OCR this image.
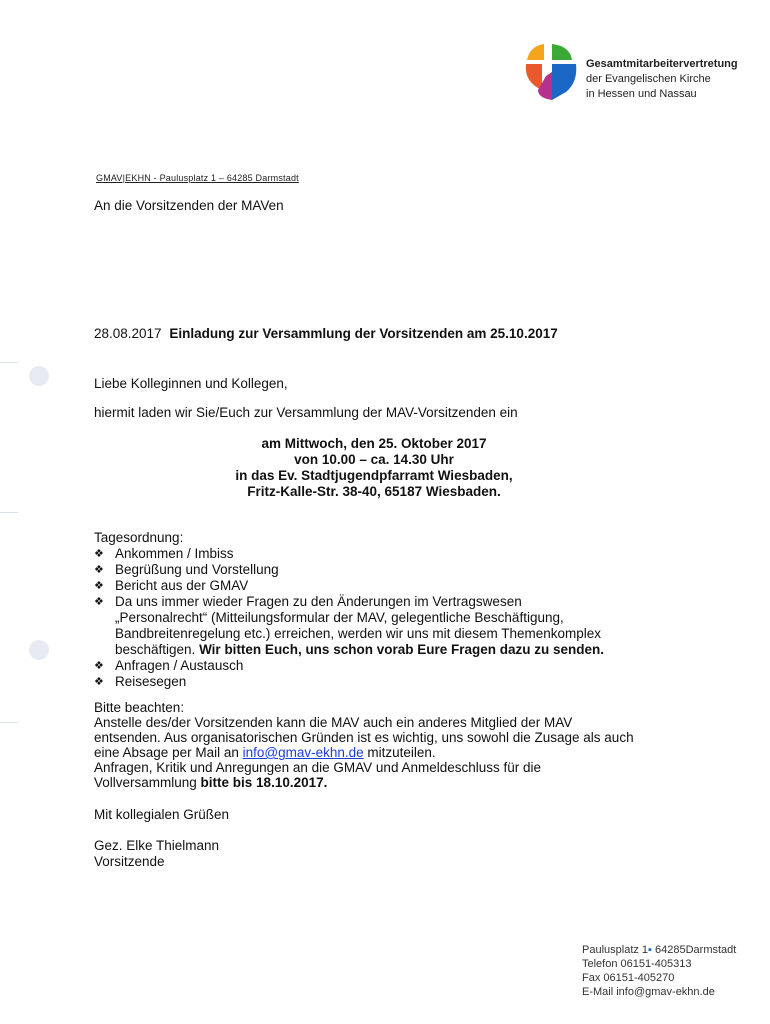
Gesamtmitarbeitervertretung
der Evangelischen Kirche
in Hessen und Nassau
GMAV|EKHN - Paulusplatz 1 – 64285 Darmstadt
An die Vorsitzenden der MAVen
28.08.2017 Einladung zur Versammlung der Vorsitzenden am 25.10.2017
Liebe Kolleginnen und Kollegen,
hiermit laden wir Sie/Euch zur Versammlung der MAV-Vorsitzenden ein
am Mittwoch, den 25. Oktober 2017
von 10.00 – ca. 14.30 Uhr
in das Ev. Stadtjugendpfarramt Wiesbaden,
Fritz-Kalle-Str. 38-40, 65187 Wiesbaden.
Tagesordnung:
❖ Ankommen / Imbiss
❖ Begrüßung und Vorstellung
❖ Bericht aus der GMAV
❖ Da uns immer wieder Fragen zu den Änderungen im Vertragswesen
„Personalrecht“ (Mitteilungsformular der MAV, gelegentliche Beschäftigung,
Bandbreitenregelung etc.) erreichen, werden wir uns mit diesem Themenkomplex
beschäftigen. Wir bitten Euch, uns schon vorab Eure Fragen dazu zu senden.
❖ Anfragen / Austausch
❖ Reisesegen
Bitte beachten:
Anstelle des/der Vorsitzenden kann die MAV auch ein anderes Mitglied der MAV
entsenden. Aus organisatorischen Gründen ist es wichtig, uns sowohl die Zusage als auch
eine Absage per Mail an info@gmav-ekhn.de mitzuteilen.
Anfragen, Kritik und Anregungen an die GMAV und Anmeldeschluss für die
Vollversammlung bitte bis 18.10.2017.
Mit kollegialen Grüßen
Gez. Elke Thielmann
Vorsitzende
Paulusplatz 1▪ 64285Darmstadt
Telefon 06151-405313
Fax 06151-405270
E-Mail info@gmav-ekhn.de
